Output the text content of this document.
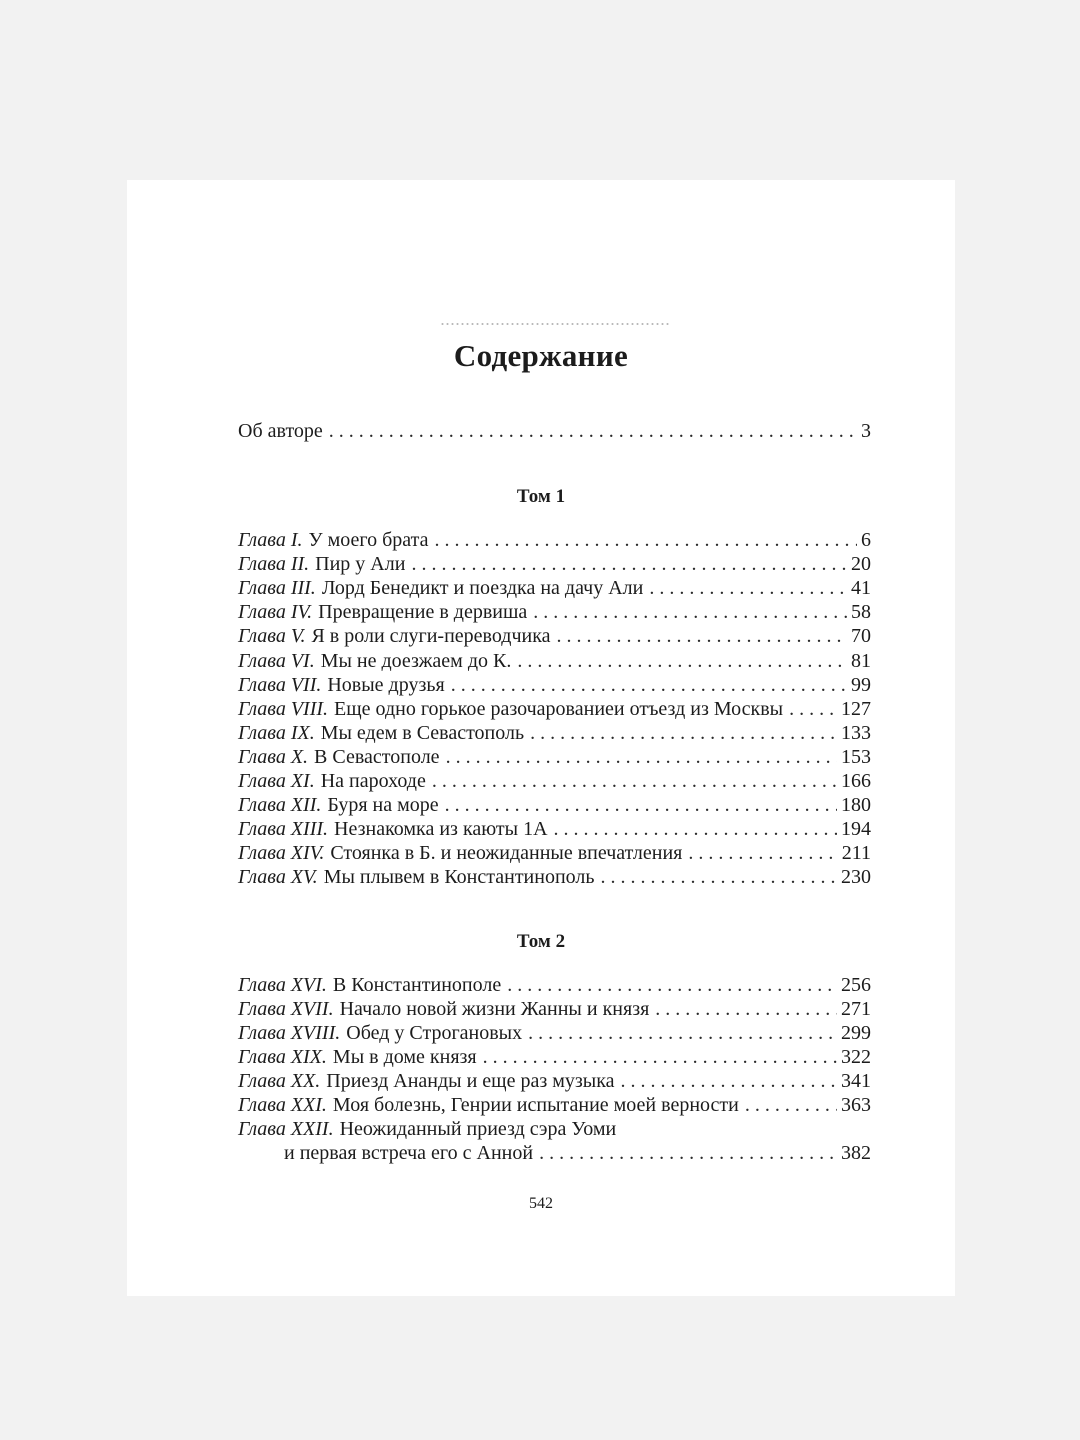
Содержание
Об авторе . . .	3
Том 1
Глава I. У моего брата . . .	6
Глава II. Пир у Али . . .	20
Глава III. Лорд Бенедикт и поездка на дачу Али . . .	41
Глава IV. Превращение в дервиша . . .	58
Глава V. Я в роли слуги-переводчика . . .	70
Глава VI. Мы не доезжаем до К. . . .	81
Глава VII. Новые друзья . . .	99
Глава VIII. Еще одно горькое разочарованиеи отъезд из Москвы . . .	127
Глава IX. Мы едем в Севастополь . . .	133
Глава X. В Севастополе . . .	153
Глава XI. На пароходе . . .	166
Глава XII. Буря на море . . .	180
Глава XIII. Незнакомка из каюты 1А . . .	194
Глава XIV. Стоянка в Б. и неожиданные впечатления . . .	211
Глава XV. Мы плывем в Константинополь . . .	230
Том 2
Глава XVI. В Константинополе . . .	256
Глава XVII. Начало новой жизни Жанны и князя . . .	271
Глава XVIII. Обед у Строгановых . . .	299
Глава XIX. Мы в доме князя . . .	322
Глава XX. Приезд Ананды и еще раз музыка . . .	341
Глава XXI. Моя болезнь, Генрии испытание моей верности . . .	363
Глава XXII. Неожиданный приезд сэра Уоми
и первая встреча его с Анной . . .	382
542
